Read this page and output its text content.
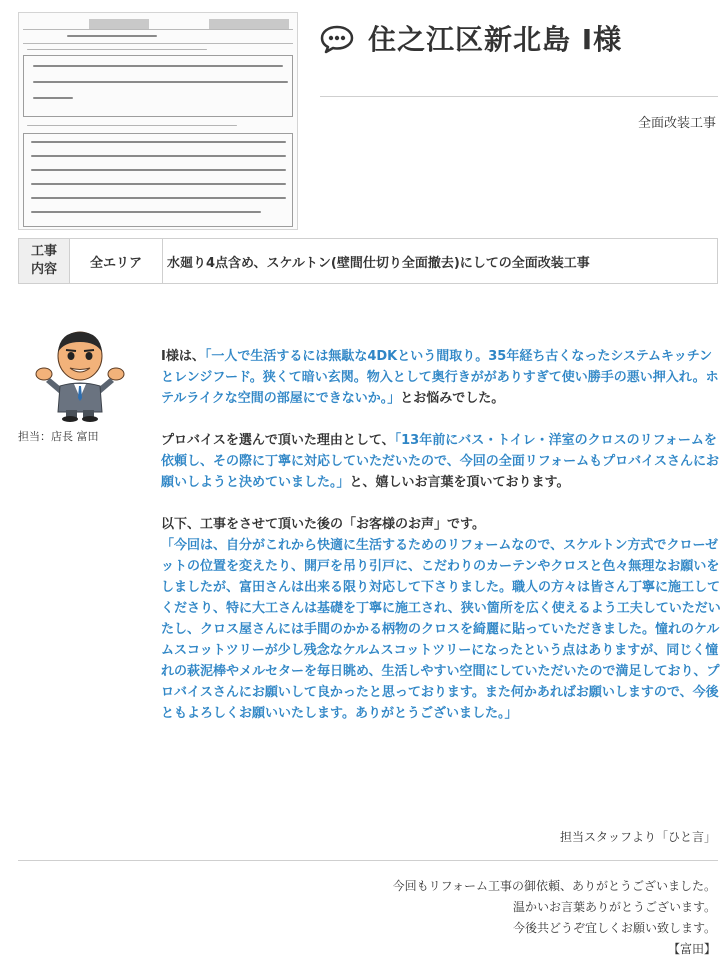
住之江区新北島 I様
全面改装工事
工事内容	全エリア 水廻り4点含め、スケルトン(壁間仕切り全面撤去)にしての全面改装工事
担当：店長 富田

I様は、「一人で生活するには無駄な4DKという間取り。35年経ち古くなったシステムキッチンとレンジフード。狭くて暗い玄関。物入として奥行きががありすぎて使い勝手の悪い押入れ。ホテルライクな空間の部屋にできないか。」とお悩みでした。

プロバイスを選んで頂いた理由として、「13年前にバス・トイレ・洋室のクロスのリフォームを依頼し、その際に丁寧に対応していただいたので、今回の全面リフォームもプロバイスさんにお願いしようと決めていました。」と、嬉しいお言葉を頂いております。

以下、工事をさせて頂いた後の「お客様のお声」です。
「今回は、自分がこれから快適に生活するためのリフォームなので、スケルトン方式でクローゼットの位置を変えたり、開戸を吊り引戸に、こだわりのカーテンやクロスと色々無理なお願いをしましたが、富田さんは出来る限り対応して下さりました。職人の方々は皆さん丁寧に施工してくださり、特に大工さんは基礎を丁寧に施工され、狭い箇所を広く使えるよう工夫していただいたし、クロス屋さんには手間のかかる柄物のクロスを綺麗に貼っていただきました。憧れのケルムスコットツリーが少し残念なケルムスコットツリーになったという点はありますが、同じく憧れの萩泥棒やメルセターを毎日眺め、生活しやすい空間にしていただいたので満足しており、プロバイスさんにお願いして良かったと思っております。また何かあればお願いしますので、今後ともよろしくお願いいたします。ありがとうございました。」

担当スタッフより「ひと言」
今回もリフォーム工事の御依頼、ありがとうございました。
温かいお言葉ありがとうございます。
今後共どうぞ宜しくお願い致します。
【富田】
